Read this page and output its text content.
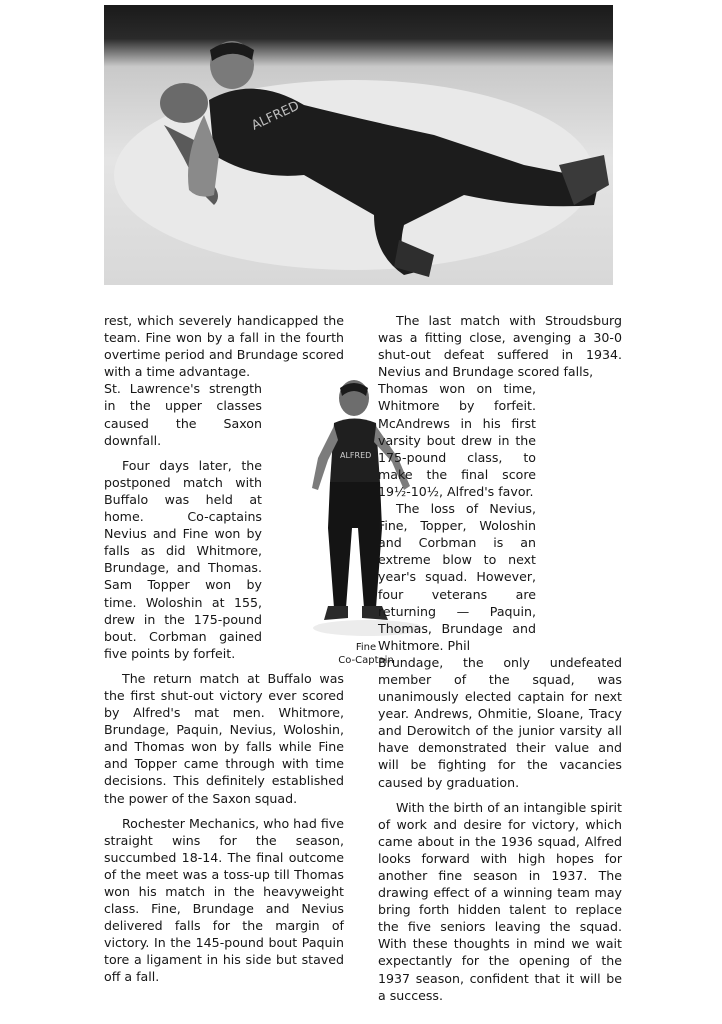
ALFRED

rest, which severely handicapped the team. Fine won by a fall in the fourth overtime period and Brundage scored with a time advantage.

St. Lawrence's strength in the upper classes caused the Saxon downfall.

Four days later, the postponed match with Buffalo was held at home. Co-captains Nevius and Fine won by falls as did Whitmore, Brundage, and Thomas. Sam Topper won by time. Woloshin at 155, drew in the 175-pound bout. Corbman gained five points by forfeit.

The return match at Buffalo was the first shut-out victory ever scored by Alfred's mat men. Whitmore, Brundage, Paquin, Nevius, Woloshin, and Thomas won by falls while Fine and Topper came through with time decisions. This definitely established the power of the Saxon squad.

Rochester Mechanics, who had five straight wins for the season, succumbed 18-14. The final outcome of the meet was a toss-up till Thomas won his match in the heavyweight class. Fine, Brundage and Nevius delivered falls for the margin of victory. In the 145-pound bout Paquin tore a ligament in his side but staved off a fall.

ALFRED
Fine
Co-Captain

The last match with Stroudsburg was a fitting close, avenging a 30-0 shut-out defeat suffered in 1934. Nevius and Brundage scored falls,

Thomas won on time, Whitmore by forfeit. McAndrews in his first varsity bout drew in the 175-pound class, to make the final score 19½-10½, Alfred's favor.

The loss of Nevius, Fine, Topper, Woloshin and Corbman is an extreme blow to next year's squad. However, four veterans are returning — Paquin, Thomas, Brundage and Whitmore. Phil

Brundage, the only undefeated member of the squad, was unanimously elected captain for next year. Andrews, Ohmitie, Sloane, Tracy and Derowitch of the junior varsity all have demonstrated their value and will be fighting for the vacancies caused by graduation.

With the birth of an intangible spirit of work and desire for victory, which came about in the 1936 squad, Alfred looks forward with high hopes for another fine season in 1937. The drawing effect of a winning team may bring forth hidden talent to replace the five seniors leaving the squad. With these thoughts in mind we wait expectantly for the opening of the 1937 season, confident that it will be a success.
